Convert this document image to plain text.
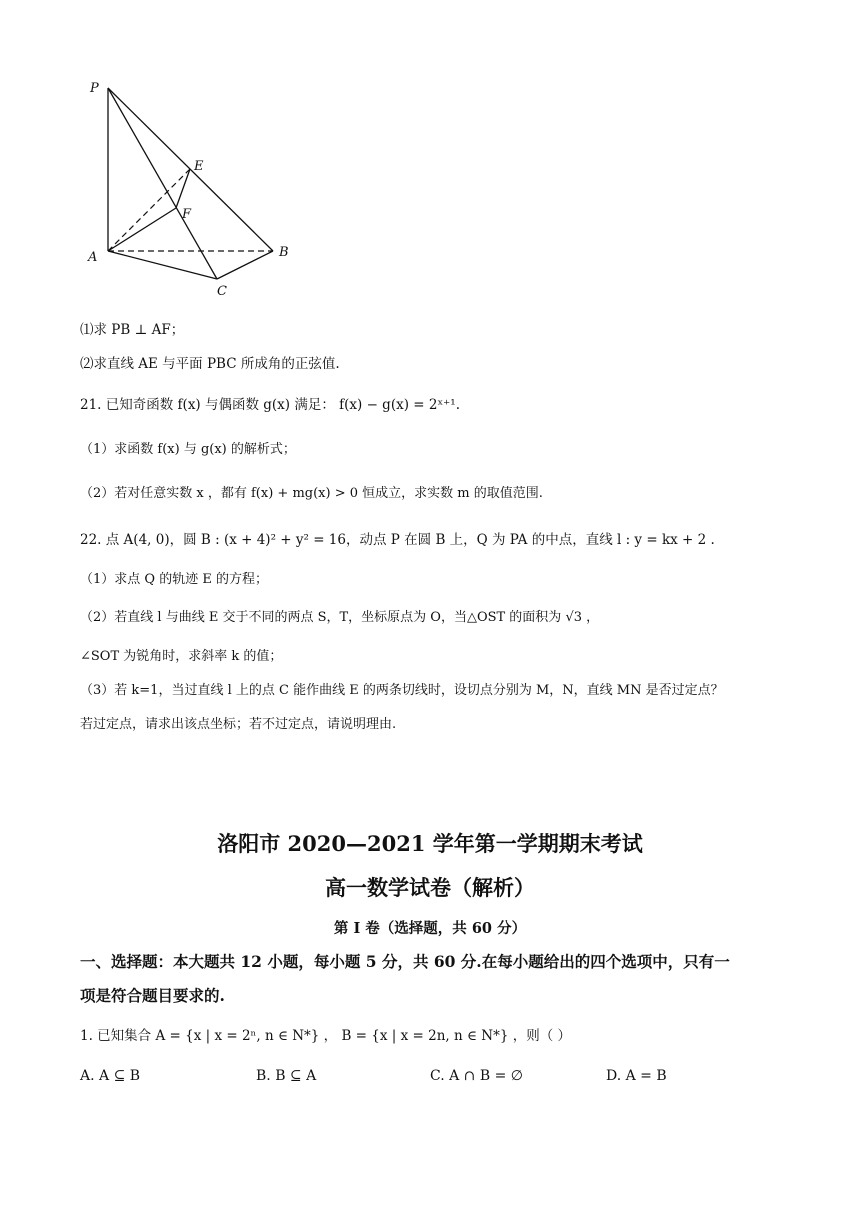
P
E
F
A	B
C
⑴求 PB ⊥ AF；
⑵求直线 AE 与平面 PBC 所成角的正弦值.
21. 已知奇函数 f(x) 与偶函数 g(x) 满足： f(x) − g(x) = 2ˣ⁺¹.
（1）求函数 f(x) 与 g(x) 的解析式；
（2）若对任意实数 x ，都有 f(x) + mg(x) > 0 恒成立，求实数 m 的取值范围.
22. 点 A(4, 0)，圆 B : (x + 4)² + y² = 16，动点 P 在圆 B 上，Q 为 PA 的中点，直线 l : y = kx + 2 .
（1）求点 Q 的轨迹 E 的方程；
（2）若直线 l 与曲线 E 交于不同的两点 S，T，坐标原点为 O，当△OST 的面积为 √3 ，
∠SOT 为锐角时，求斜率 k 的值；
（3）若 k=1，当过直线 l 上的点 C 能作曲线 E 的两条切线时，设切点分别为 M，N，直线 MN 是否过定点？
若过定点，请求出该点坐标；若不过定点，请说明理由.
洛阳市 2020—2021 学年第一学期期末考试
高一数学试卷（解析）
第 Ⅰ 卷（选择题，共 60 分）
一、选择题：本大题共 12 小题，每小题 5 分，共 60 分.在每小题给出的四个选项中，只有一
项是符合题目要求的.
1. 已知集合 A = {x | x = 2ⁿ, n ∈ N*} ， B = {x | x = 2n, n ∈ N*} ，则（ ）
A. A ⊆ B	B. B ⊆ A	C. A ∩ B = ∅	D. A = B
